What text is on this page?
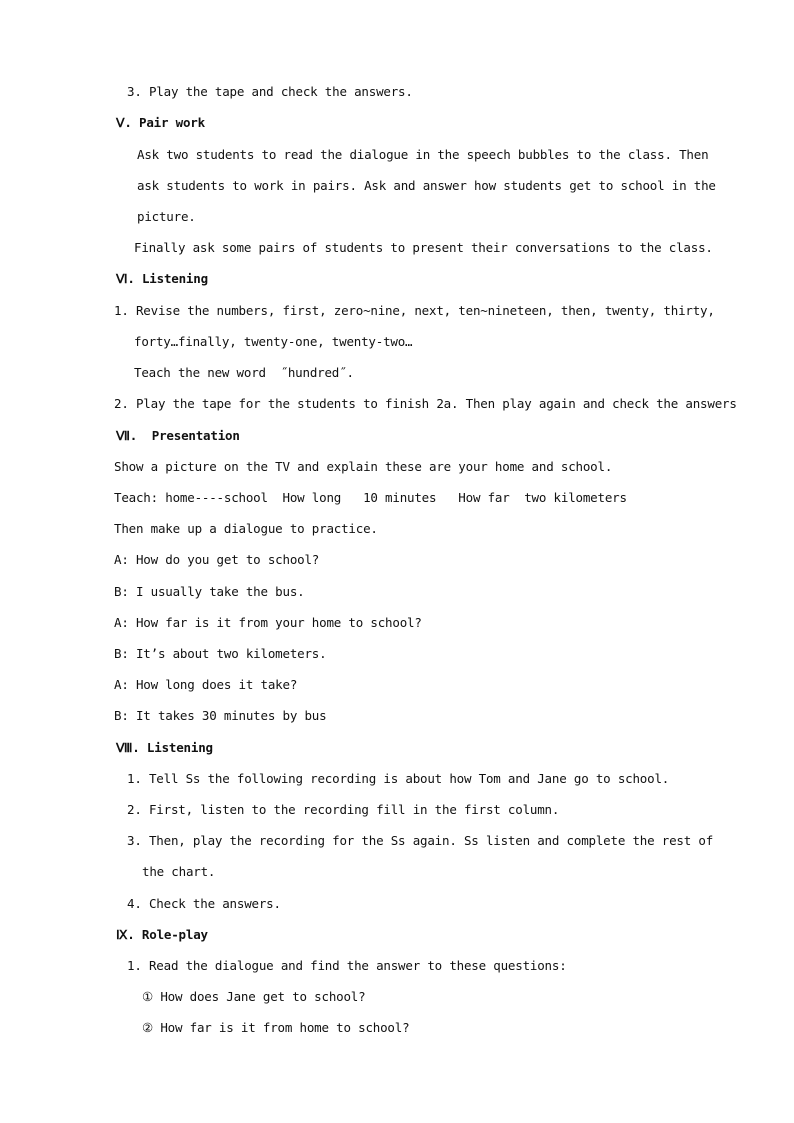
3. Play the tape and check the answers.
Ⅴ. Pair work
Ask two students to read the dialogue in the speech bubbles to the class. Then
ask students to work in pairs. Ask and answer how students get to school in the
picture.
Finally ask some pairs of students to present their conversations to the class.
Ⅵ. Listening
1. Revise the numbers, first, zero~nine, next, ten~nineteen, then, twenty, thirty,
forty…finally, twenty-one, twenty-two…
Teach the new word  ˝hundred˝.
2. Play the tape for the students to finish 2a. Then play again and check the answers
Ⅶ.  Presentation
Show a picture on the TV and explain these are your home and school.
Teach: home----school  How long   10 minutes   How far  two kilometers
Then make up a dialogue to practice.
A: How do you get to school?
B: I usually take the bus.
A: How far is it from your home to school?
B: It’s about two kilometers.
A: How long does it take?
B: It takes 30 minutes by bus
Ⅷ. Listening
1. Tell Ss the following recording is about how Tom and Jane go to school.
2. First, listen to the recording fill in the first column.
3. Then, play the recording for the Ss again. Ss listen and complete the rest of
the chart.
4. Check the answers.
Ⅸ. Role-play
1. Read the dialogue and find the answer to these questions:
① How does Jane get to school?
② How far is it from home to school?
